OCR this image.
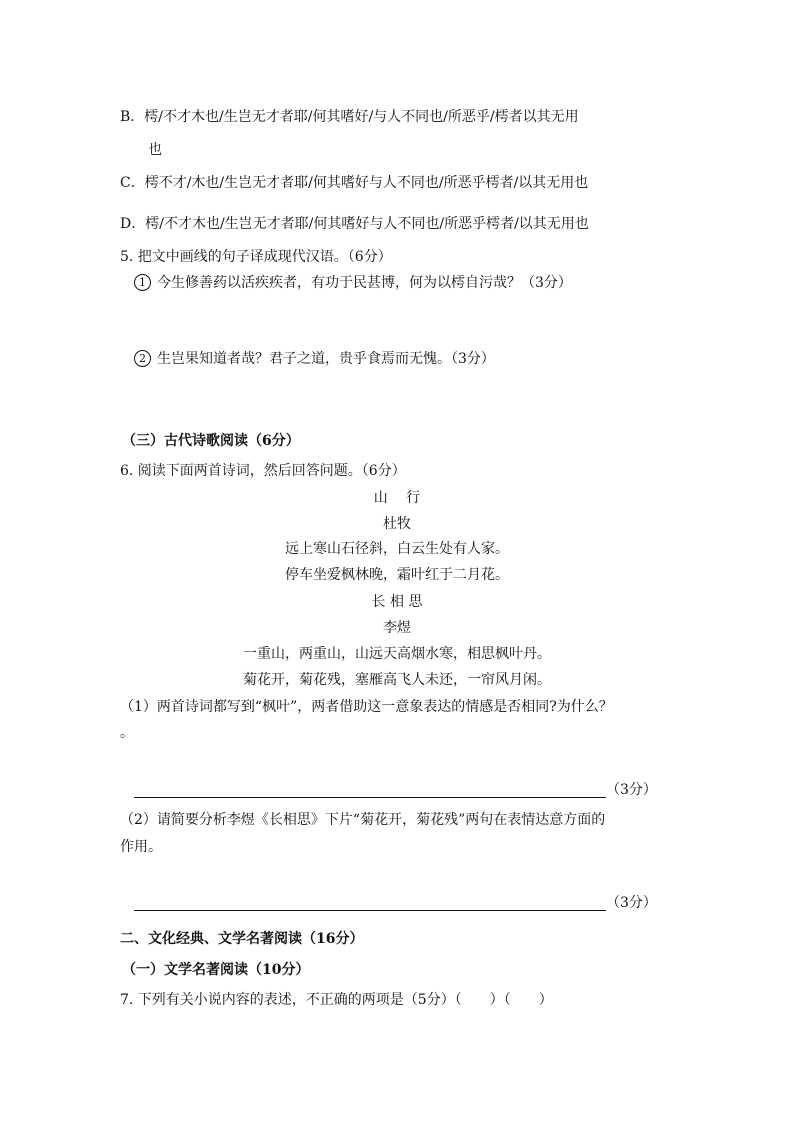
B．樗/不才木也/生岂无才者耶/何其嗜好/与人不同也/所恶乎/樗者以其无用
也
C．樗不才/木也/生岂无才者耶/何其嗜好与人不同也/所恶乎樗者/以其无用也
D．樗/不才木也/生岂无才者耶/何其嗜好与人不同也/所恶乎樗者/以其无用也
5. 把文中画线的句子译成现代汉语。（6分）
1 今生修善药以活疾疾者，有功于民甚博，何为以樗自污哉？（3分）
2 生岂果知道者哉？君子之道，贵乎食焉而无愧。（3分）
（三）古代诗歌阅读（6分）
6. 阅读下面两首诗词，然后回答问题。（6分）
山　 行
杜牧
远上寒山石径斜，白云生处有人家。
停车坐爱枫林晚，霜叶红于二月花。
长 相 思
李煜
一重山，两重山，山远天高烟水寒，相思枫叶丹。
菊花开，菊花残，塞雁高飞人未还，一帘风月闲。
（1）两首诗词都写到“枫叶”，两者借助这一意象表达的情感是否相同?为什么？
。
（3分）
（2）请简要分析李煜《长相思》下片“菊花开，菊花残”两句在表情达意方面的
作用。
（3分）
二、文化经典、文学名著阅读（16分）
（一）文学名著阅读（10分）
7. 下列有关小说内容的表述，不正确的两项是（5分）（　　）（　　）
